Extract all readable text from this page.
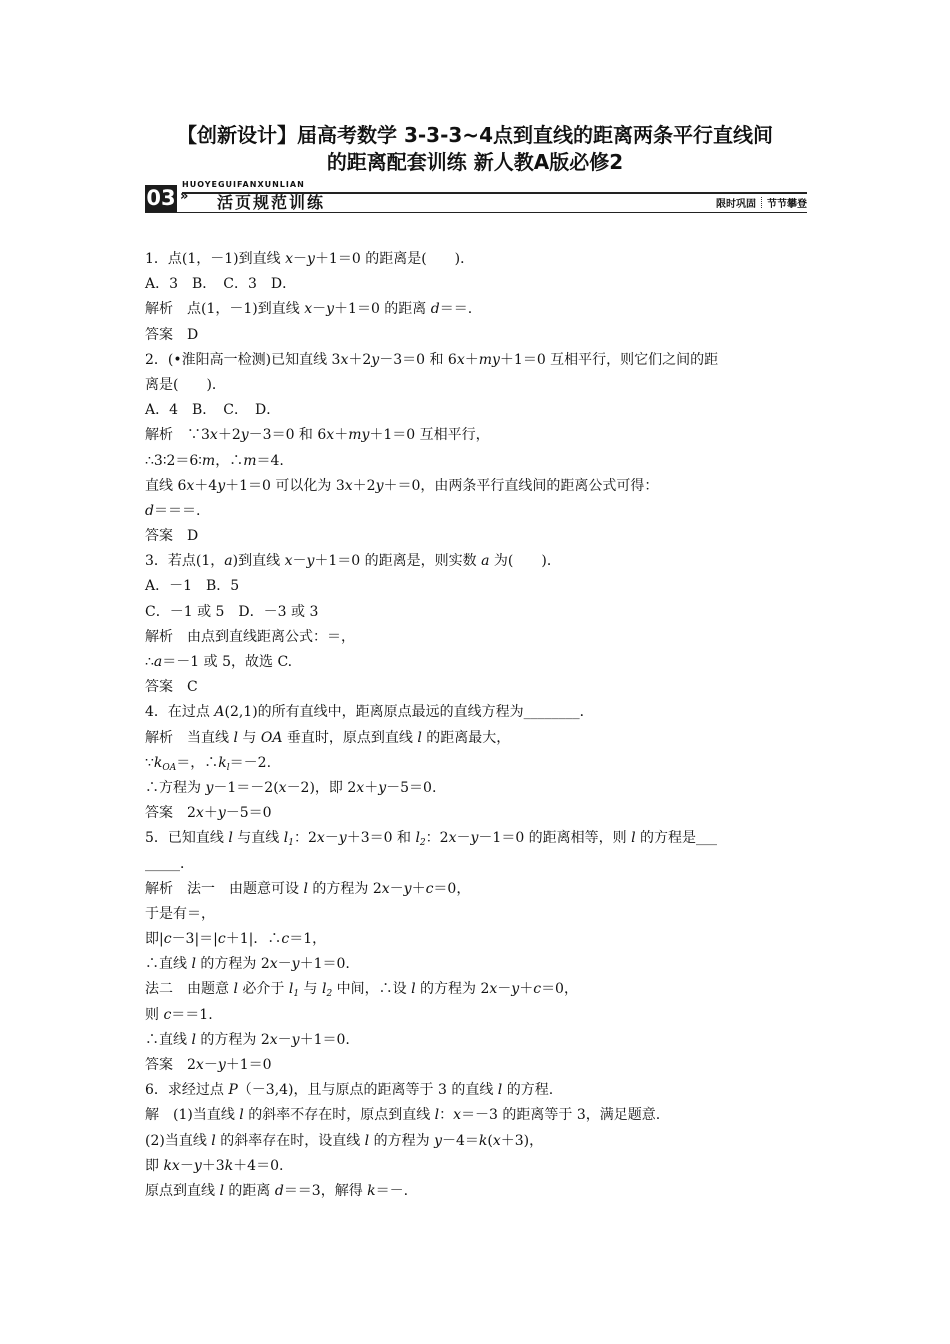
【创新设计】届高考数学 3-3-3~4点到直线的距离两条平行直线间
的距离配套训练 新人教A版必修2
03
HUOYEGUIFANXUNLIAN
» 活页规范训练	限时巩固 节节攀登
1．点(1，－1)到直线 x－y＋1＝0 的距离是(　　)．
A．3　B．　C．3　D．
解析　点(1，－1)到直线 x－y＋1＝0 的距离 d＝＝.
答案　D
2．(•淮阳高一检测)已知直线 3x＋2y－3＝0 和 6x＋my＋1＝0 互相平行，则它们之间的距
离是(　　)．
A．4　B．　C．　D．
解析　∵3x＋2y－3＝0 和 6x＋my＋1＝0 互相平行，
∴3∶2＝6∶m，∴m＝4.
直线 6x＋4y＋1＝0 可以化为 3x＋2y＋＝0，由两条平行直线间的距离公式可得：
d＝＝＝.
答案　D
3．若点(1，a)到直线 x－y＋1＝0 的距离是，则实数 a 为(　　)．
A．－1　B．5
C．－1 或 5　D．－3 或 3
解析　由点到直线距离公式：＝，
∴a＝－1 或 5，故选 C.
答案　C
4．在过点 A(2,1)的所有直线中，距离原点最远的直线方程为________．
解析　当直线 l 与 OA 垂直时，原点到直线 l 的距离最大，
$\because k_{OA}=$，$\therefore k_l=-2$.
∴方程为 y－1＝－2(x－2)，即 2x＋y－5＝0.
答案　2x＋y－5＝0
5．已知直线 l 与直线 $l_1$：2x－y＋3＝0 和 $l_2$：2x－y－1＝0 的距离相等，则 l 的方程是___
_____．
解析　法一　由题意可设 l 的方程为 2x－y＋c＝0，
于是有＝，
即|c－3|＝|c＋1|．∴c＝1，
∴直线 l 的方程为 2x－y＋1＝0.
法二　由题意 l 必介于 $l_1$ 与 $l_2$ 中间，∴设 l 的方程为 2x－y＋c＝0，
则 c＝＝1.
∴直线 l 的方程为 2x－y＋1＝0.
答案　2x－y＋1＝0
6．求经过点 P（－3,4)，且与原点的距离等于 3 的直线 l 的方程.
解　(1)当直线 l 的斜率不存在时，原点到直线 l：x＝－3 的距离等于 3，满足题意.
(2)当直线 l 的斜率存在时，设直线 l 的方程为 y－4＝k(x＋3)，
即 kx－y＋3k＋4＝0.
原点到直线 l 的距离 d＝＝3，解得 k＝－.
